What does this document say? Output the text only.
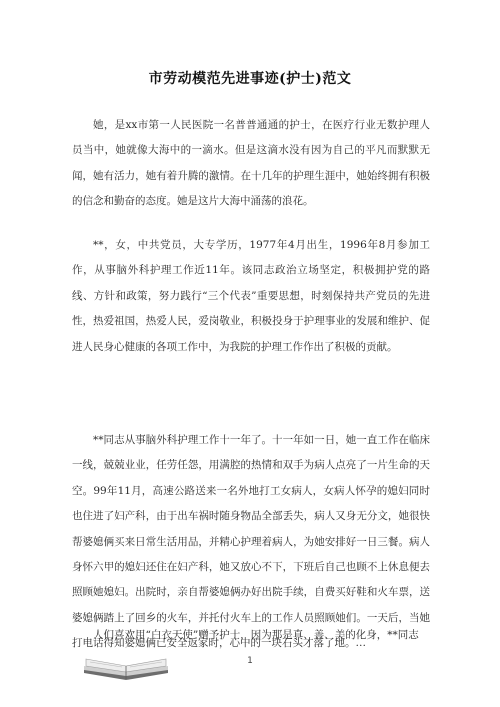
市劳动模范先进事迹(护士)范文

她，是xx市第一人民医院一名普普通通的护士，在医疗行业无数护理人员当中，她就像大海中的一滴水。但是这滴水没有因为自己的平凡而默默无闻，她有活力，她有着升腾的激情。在十几年的护理生涯中，她始终拥有积极的信念和勤奋的态度。她是这片大海中涌荡的浪花。

**，女，中共党员，大专学历，1977年4月出生，1996年8月参加工作，从事脑外科护理工作近11年。该同志政治立场坚定，积极拥护党的路线、方针和政策，努力践行“三个代表”重要思想，时刻保持共产党员的先进性，热爱祖国，热爱人民，爱岗敬业，积极投身于护理事业的发展和维护、促进人民身心健康的各项工作中，为我院的护理工作作出了积极的贡献。

**同志从事脑外科护理工作十一年了。十一年如一日，她一直工作在临床一线，兢兢业业，任劳任怨，用满腔的热情和双手为病人点亮了一片生命的天空。99年11月，高速公路送来一名外地打工女病人，女病人怀孕的媳妇同时也住进了妇产科，由于出车祸时随身物品全部丢失，病人又身无分文，她很快帮婆媳俩买来日常生活用品，并精心护理着病人，为她安排好一日三餐。病人身怀六甲的媳妇还住在妇产科，她又放心不下，下班后自己也顾不上休息便去照顾她媳妇。出院时，亲自帮婆媳俩办好出院手续，自费买好鞋和火车票，送婆媳俩踏上了回乡的火车，并托付火车上的工作人员照顾她们。一天后，当她打电话得知婆媳俩已安全返家时，心中的一块石头才落了地。…

人们喜欢用“白衣天使”赠予护士，因为那是真、善、美的化身，**同志

1
